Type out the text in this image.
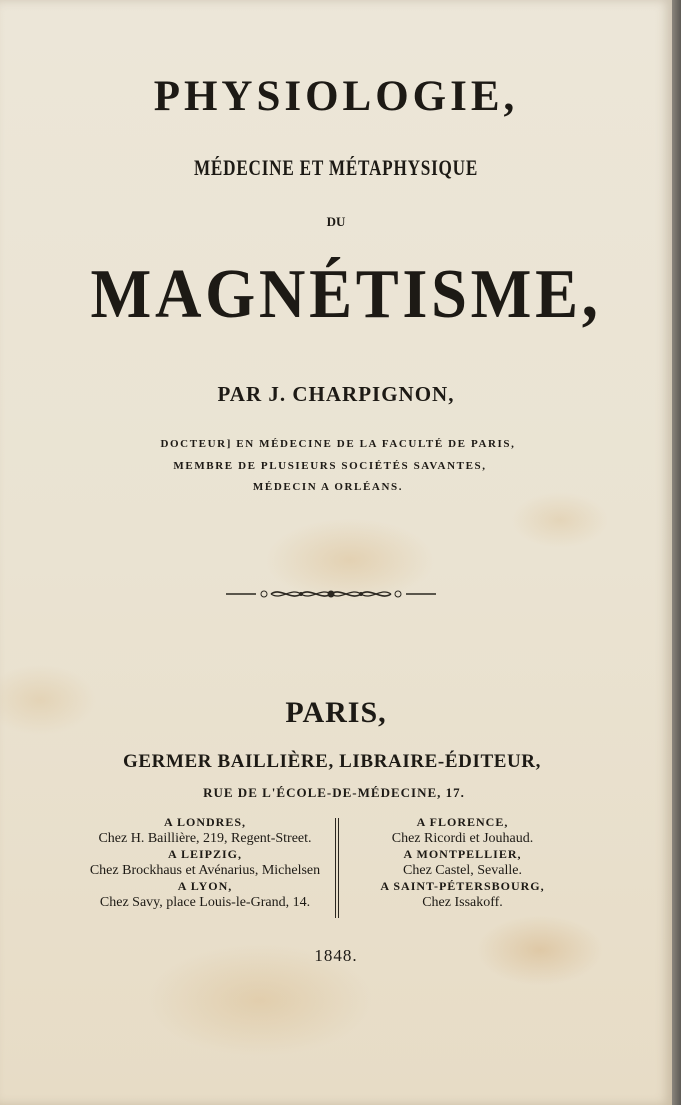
PHYSIOLOGIE,
MÉDECINE ET MÉTAPHYSIQUE
DU
MAGNÉTISME,
PAR J. CHARPIGNON,
DOCTEUR] EN MÉDECINE DE LA FACULTÉ DE PARIS,
MEMBRE DE PLUSIEURS SOCIÉTÉS SAVANTES,
MÉDECIN A ORLÉANS.
PARIS,
GERMER BAILLIÈRE, LIBRAIRE-ÉDITEUR,
RUE DE L'ÉCOLE-DE-MÉDECINE, 17.
A LONDRES,
Chez H. Baillière, 219, Regent-Street.
A LEIPZIG,
Chez Brockhaus et Avénarius, Michelsen
A LYON,
Chez Savy, place Louis-le-Grand, 14.
A FLORENCE,
Chez Ricordi et Jouhaud.
A MONTPELLIER,
Chez Castel, Sevalle.
A SAINT-PÉTERSBOURG,
Chez Issakoff.
1848.
